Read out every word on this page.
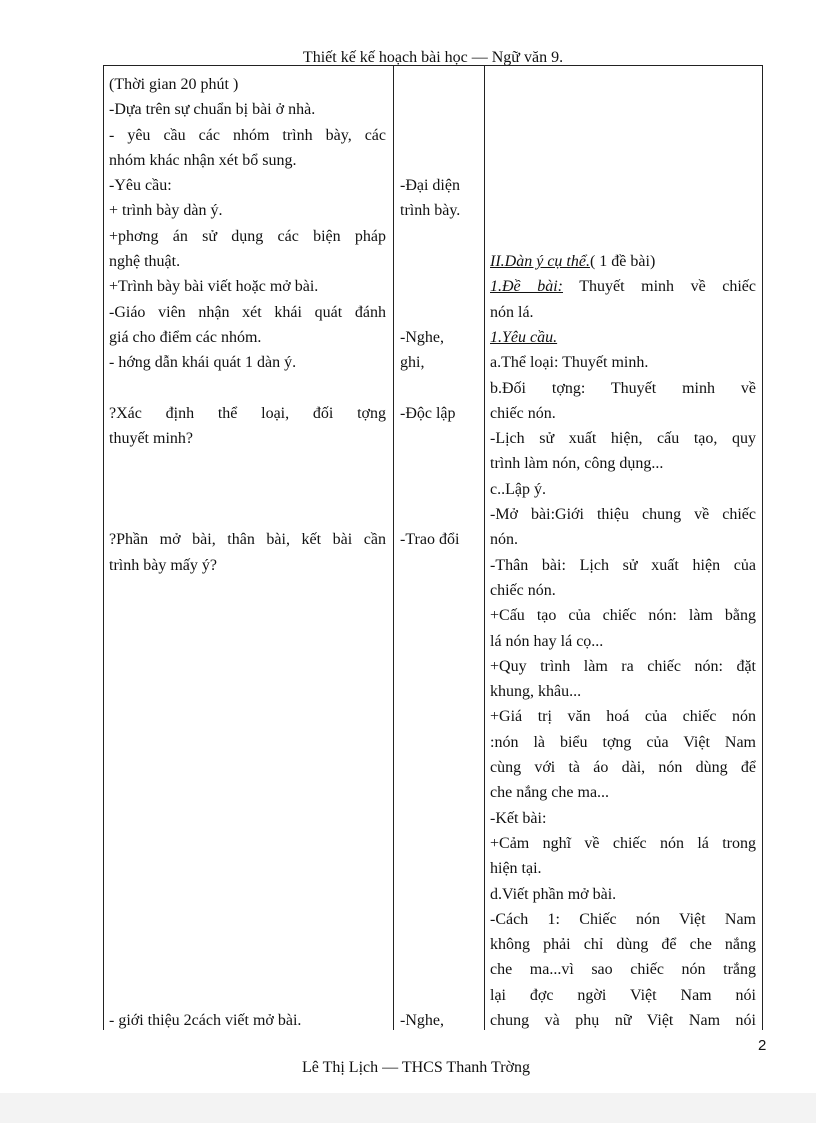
Thiết kế kế hoạch bài học — Ngữ văn 9.
(Thời gian 20 phút )
-Dựa trên sự chuẩn bị bài ở nhà.
- yêu cầu các nhóm trình bày, các
nhóm khác nhận xét bổ sung.
-Yêu cầu:
+ trình bày dàn ý.
+phơng án sử dụng các biện pháp
nghệ thuật.
+Trình bày bài viết hoặc mở bài.
-Giáo viên nhận xét khái quát đánh
giá cho điểm các nhóm.
- hớng dẫn khái quát 1 dàn ý.
?Xác định thể loại, đối tợng
thuyết minh?
?Phần mở bài, thân bài, kết bài cần
trình bày mấy ý?
- giới thiệu 2cách viết mở bài.
-Đại diện
trình bày.
-Nghe,
ghi,
-Độc lập
-Trao đổi
-Nghe,
II.Dàn ý cụ thể.( 1 đề bài)
1.Đề bài: Thuyết minh về chiếc
nón lá.
1.Yêu cầu.
a.Thể loại: Thuyết minh.
b.Đối tợng: Thuyết minh về
chiếc nón.
-Lịch sử xuất hiện, cấu tạo, quy
trình làm nón, công dụng...
c..Lập ý.
-Mở bài:Giới thiệu chung về chiếc
nón.
-Thân bài: Lịch sử xuất hiện của
chiếc nón.
+Cấu tạo của chiếc nón: làm bằng
lá nón hay lá cọ...
+Quy trình làm ra chiếc nón: đặt
khung, khâu...
+Giá trị văn hoá của chiếc nón
:nón là biểu tợng của Việt Nam
cùng với tà áo dài, nón dùng để
che nắng che ma...
-Kết bài:
+Cảm nghĩ về chiếc nón lá trong
hiện tại.
d.Viết phần mở bài.
-Cách 1: Chiếc nón Việt Nam
không phải chỉ dùng để che nắng
che ma...vì sao chiếc nón trắng
lại đợc ngời Việt Nam nói
chung và phụ nữ Việt Nam nói
2
Lê Thị Lịch — THCS Thanh Trờng
